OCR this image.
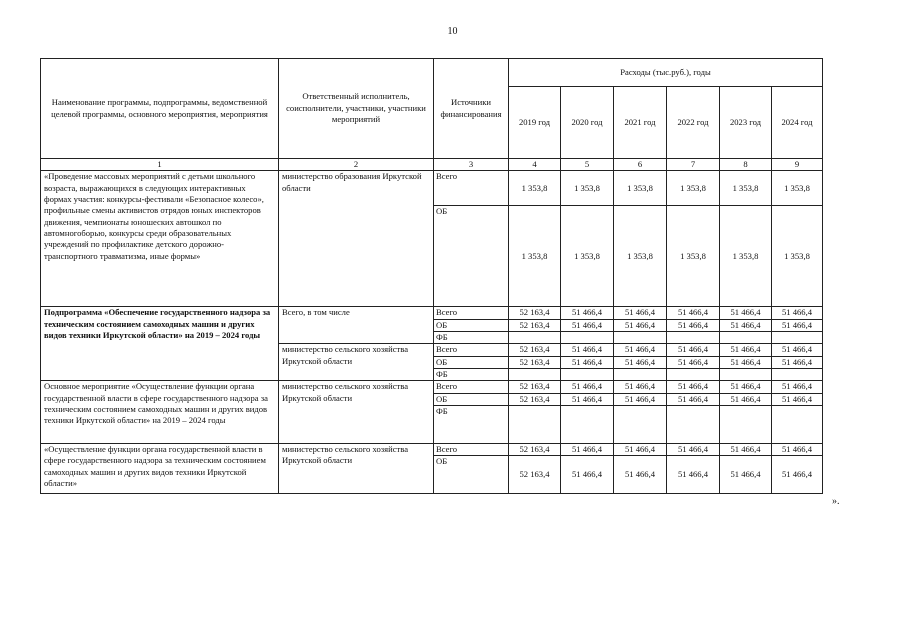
10
Наименование программы, подпрограммы, ведомственной целевой программы, основного мероприятия, мероприятия	Ответственный исполнитель, соисполнители, участники, участники мероприятий	Источники финансирования	Расходы (тыс.руб.), годы					
			2019 год	2020 год	2021 год	2022 год	2023 год	2024 год
1	2	3	4	5	6	7	8	9
«Проведение массовых мероприятий с детьми школьного возраста, выражающихся в следующих интерактивных формах участия: конкурсы-фестивали «Безопасное колесо», профильные смены активистов отрядов юных инспекторов движения, чемпионаты юношеских автошкол по автомногоборью, конкурсы среди образовательных учреждений по профилактике детского дорожно-транспортного травматизма, иные формы»	министерство образования Иркутской области	Всего	1 353,8	1 353,8	1 353,8	1 353,8	1 353,8	1 353,8
		ОБ	1 353,8	1 353,8	1 353,8	1 353,8	1 353,8	1 353,8
Подпрограмма «Обеспечение государственного надзора за техническим состоянием самоходных машин и других видов техники Иркутской области» на 2019 – 2024 годы	Всего, в том числе	Всего	52 163,4	51 466,4	51 466,4	51 466,4	51 466,4	51 466,4
		ОБ	52 163,4	51 466,4	51 466,4	51 466,4	51 466,4	51 466,4
		ФБ						
	министерство сельского хозяйства Иркутской области	Всего	52 163,4	51 466,4	51 466,4	51 466,4	51 466,4	51 466,4
		ОБ	52 163,4	51 466,4	51 466,4	51 466,4	51 466,4	51 466,4
		ФБ						
Основное мероприятие «Осуществление функции органа государственной власти в сфере государственного надзора за техническим состоянием самоходных машин и других видов техники Иркутской области» на 2019 – 2024 годы	министерство сельского хозяйства Иркутской области	Всего	52 163,4	51 466,4	51 466,4	51 466,4	51 466,4	51 466,4
		ОБ	52 163,4	51 466,4	51 466,4	51 466,4	51 466,4	51 466,4
		ФБ						
«Осуществление функции органа государственной власти в сфере государственного надзора за техническим состоянием самоходных машин и других видов техники Иркутской области»	министерство сельского хозяйства Иркутской области	Всего	52 163,4	51 466,4	51 466,4	51 466,4	51 466,4	51 466,4
		ОБ	52 163,4	51 466,4	51 466,4	51 466,4	51 466,4	51 466,4
».
